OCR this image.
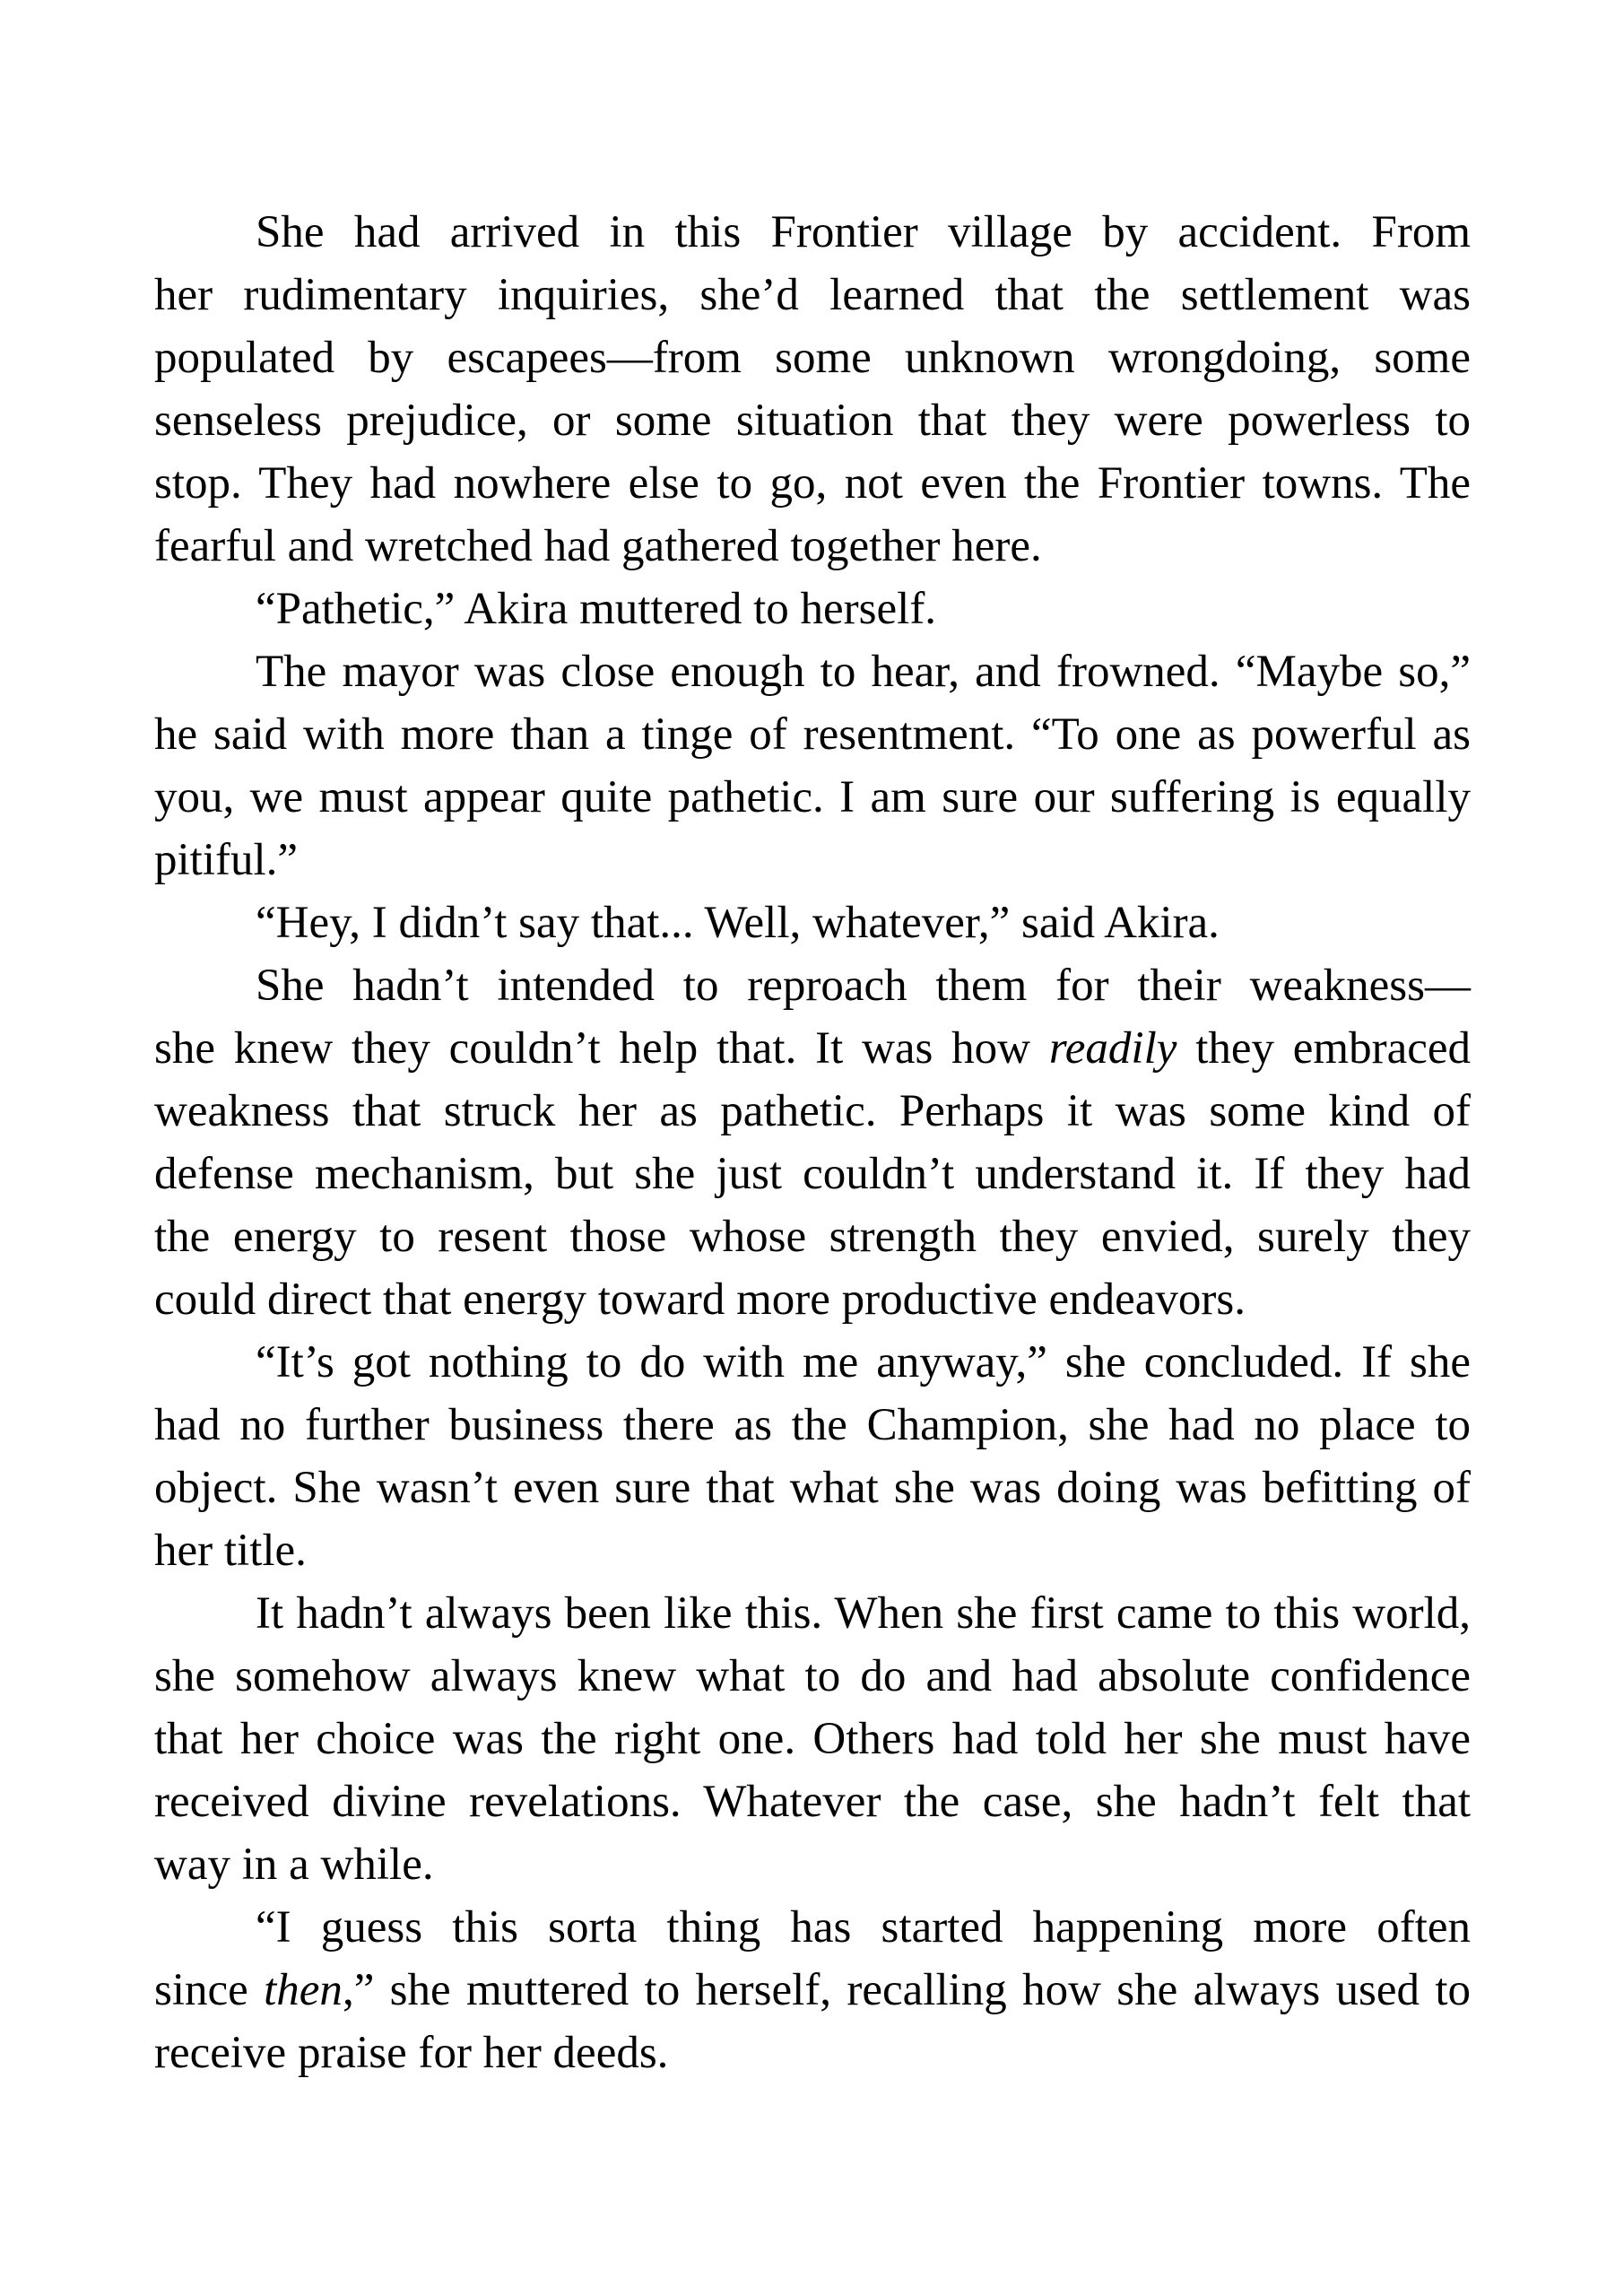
She had arrived in this Frontier village by accident. From
her rudimentary inquiries, she’d learned that the settlement was
populated by escapees—from some unknown wrongdoing, some
senseless prejudice, or some situation that they were powerless to
stop. They had nowhere else to go, not even the Frontier towns. The
fearful and wretched had gathered together here.
“Pathetic,” Akira muttered to herself.
The mayor was close enough to hear, and frowned. “Maybe so,”
he said with more than a tinge of resentment. “To one as powerful as
you, we must appear quite pathetic. I am sure our suffering is equally
pitiful.”
“Hey, I didn’t say that... Well, whatever,” said Akira.
She hadn’t intended to reproach them for their weakness—
she knew they couldn’t help that. It was how readily they embraced
weakness that struck her as pathetic. Perhaps it was some kind of
defense mechanism, but she just couldn’t understand it. If they had
the energy to resent those whose strength they envied, surely they
could direct that energy toward more productive endeavors.
“It’s got nothing to do with me anyway,” she concluded. If she
had no further business there as the Champion, she had no place to
object. She wasn’t even sure that what she was doing was befitting of
her title.
It hadn’t always been like this. When she first came to this world,
she somehow always knew what to do and had absolute confidence
that her choice was the right one. Others had told her she must have
received divine revelations. Whatever the case, she hadn’t felt that
way in a while.
“I guess this sorta thing has started happening more often
since then,” she muttered to herself, recalling how she always used to
receive praise for her deeds.
